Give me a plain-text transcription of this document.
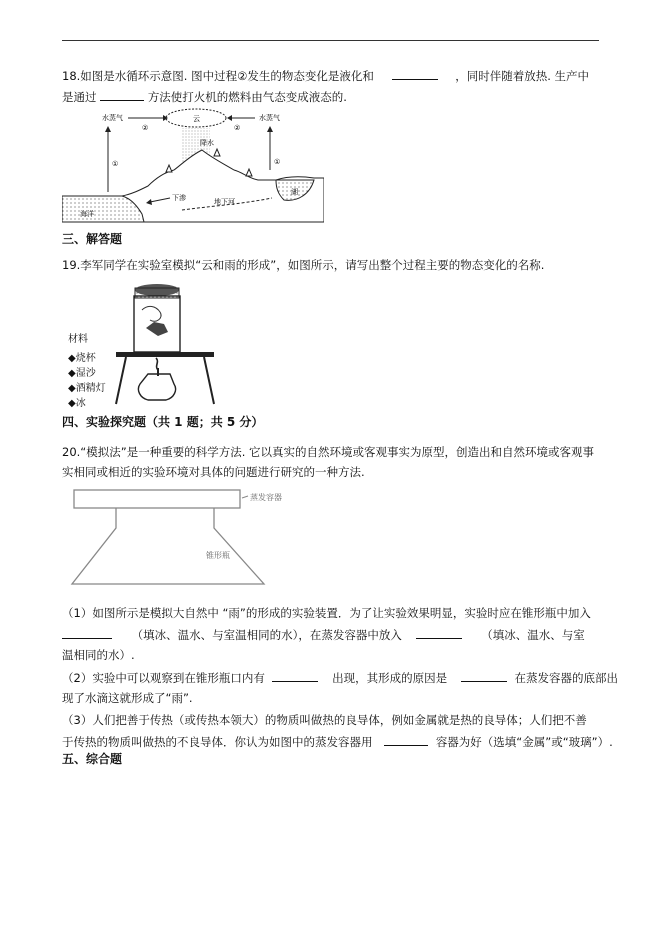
18.如图是水循环示意图. 图中过程②发生的物态变化是液化和	，同时伴随着放热. 生产中
是通过	方法使打火机的燃料由气态变成液态的.
云
降水
水蒸气	水蒸气
②	②
①	①
海洋
湖
下渗	地下河
三、解答题
19.李军同学在实验室模拟“云和雨的形成”，如图所示，请写出整个过程主要的物态变化的名称.
材料
◆烧杯
◆湿沙
◆酒精灯
◆冰
四、实验探究题（共 1 题；共 5 分）
20.“模拟法”是一种重要的科学方法. 它以真实的自然环境或客观事实为原型，创造出和自然环境或客观事
实相同或相近的实验环境对具体的问题进行研究的一种方法.
蒸发容器
锥形瓶
（1）如图所示是模拟大自然中 “雨”的形成的实验装置．为了让实验效果明显，实验时应在锥形瓶中加入
（填冰、温水、与室温相同的水），在蒸发容器中放入	（填冰、温水、与室
温相同的水）.
（2）实验中可以观察到在锥形瓶口内有	出现，其形成的原因是	在蒸发容器的底部出
现了水滴这就形成了“雨”.
（3）人们把善于传热（或传热本领大）的物质叫做热的良导体，例如金属就是热的良导体；人们把不善
于传热的物质叫做热的不良导体．你认为如图中的蒸发容器用	容器为好（选填“金属”或“玻璃”）.
五、综合题
